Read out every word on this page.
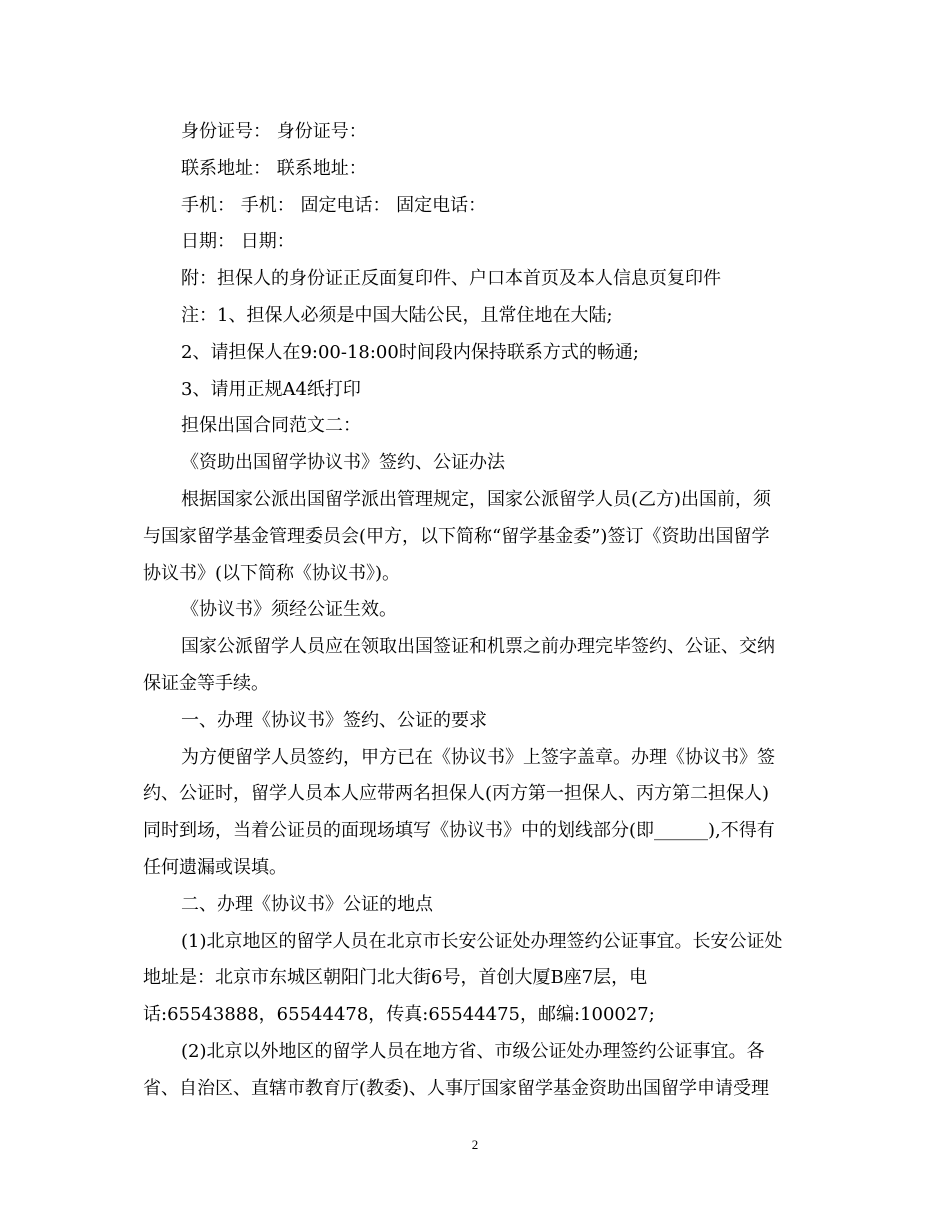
身份证号： 身份证号：
联系地址： 联系地址：
手机： 手机： 固定电话： 固定电话：
日期： 日期：
附：担保人的身份证正反面复印件、户口本首页及本人信息页复印件
注：1、担保人必须是中国大陆公民，且常住地在大陆;
2、请担保人在9:00-18:00时间段内保持联系方式的畅通;
3、请用正规A4纸打印
担保出国合同范文二：
《资助出国留学协议书》签约、公证办法
根据国家公派出国留学派出管理规定，国家公派留学人员(乙方)出国前，须
与国家留学基金管理委员会(甲方，以下简称“留学基金委”)签订《资助出国留学
协议书》(以下简称《协议书》)。
《协议书》须经公证生效。
国家公派留学人员应在领取出国签证和机票之前办理完毕签约、公证、交纳
保证金等手续。
一、办理《协议书》签约、公证的要求
为方便留学人员签约，甲方已在《协议书》上签字盖章。办理《协议书》签
约、公证时，留学人员本人应带两名担保人(丙方第一担保人、丙方第二担保人)
同时到场，当着公证员的面现场填写《协议书》中的划线部分(即______),不得有
任何遗漏或误填。
二、办理《协议书》公证的地点
(1)北京地区的留学人员在北京市长安公证处办理签约公证事宜。长安公证处
地址是：北京市东城区朝阳门北大街6号，首创大厦B座7层，电
话:65543888，65544478，传真:65544475，邮编:100027;
(2)北京以外地区的留学人员在地方省、市级公证处办理签约公证事宜。各
省、自治区、直辖市教育厅(教委)、人事厅国家留学基金资助出国留学申请受理
2
